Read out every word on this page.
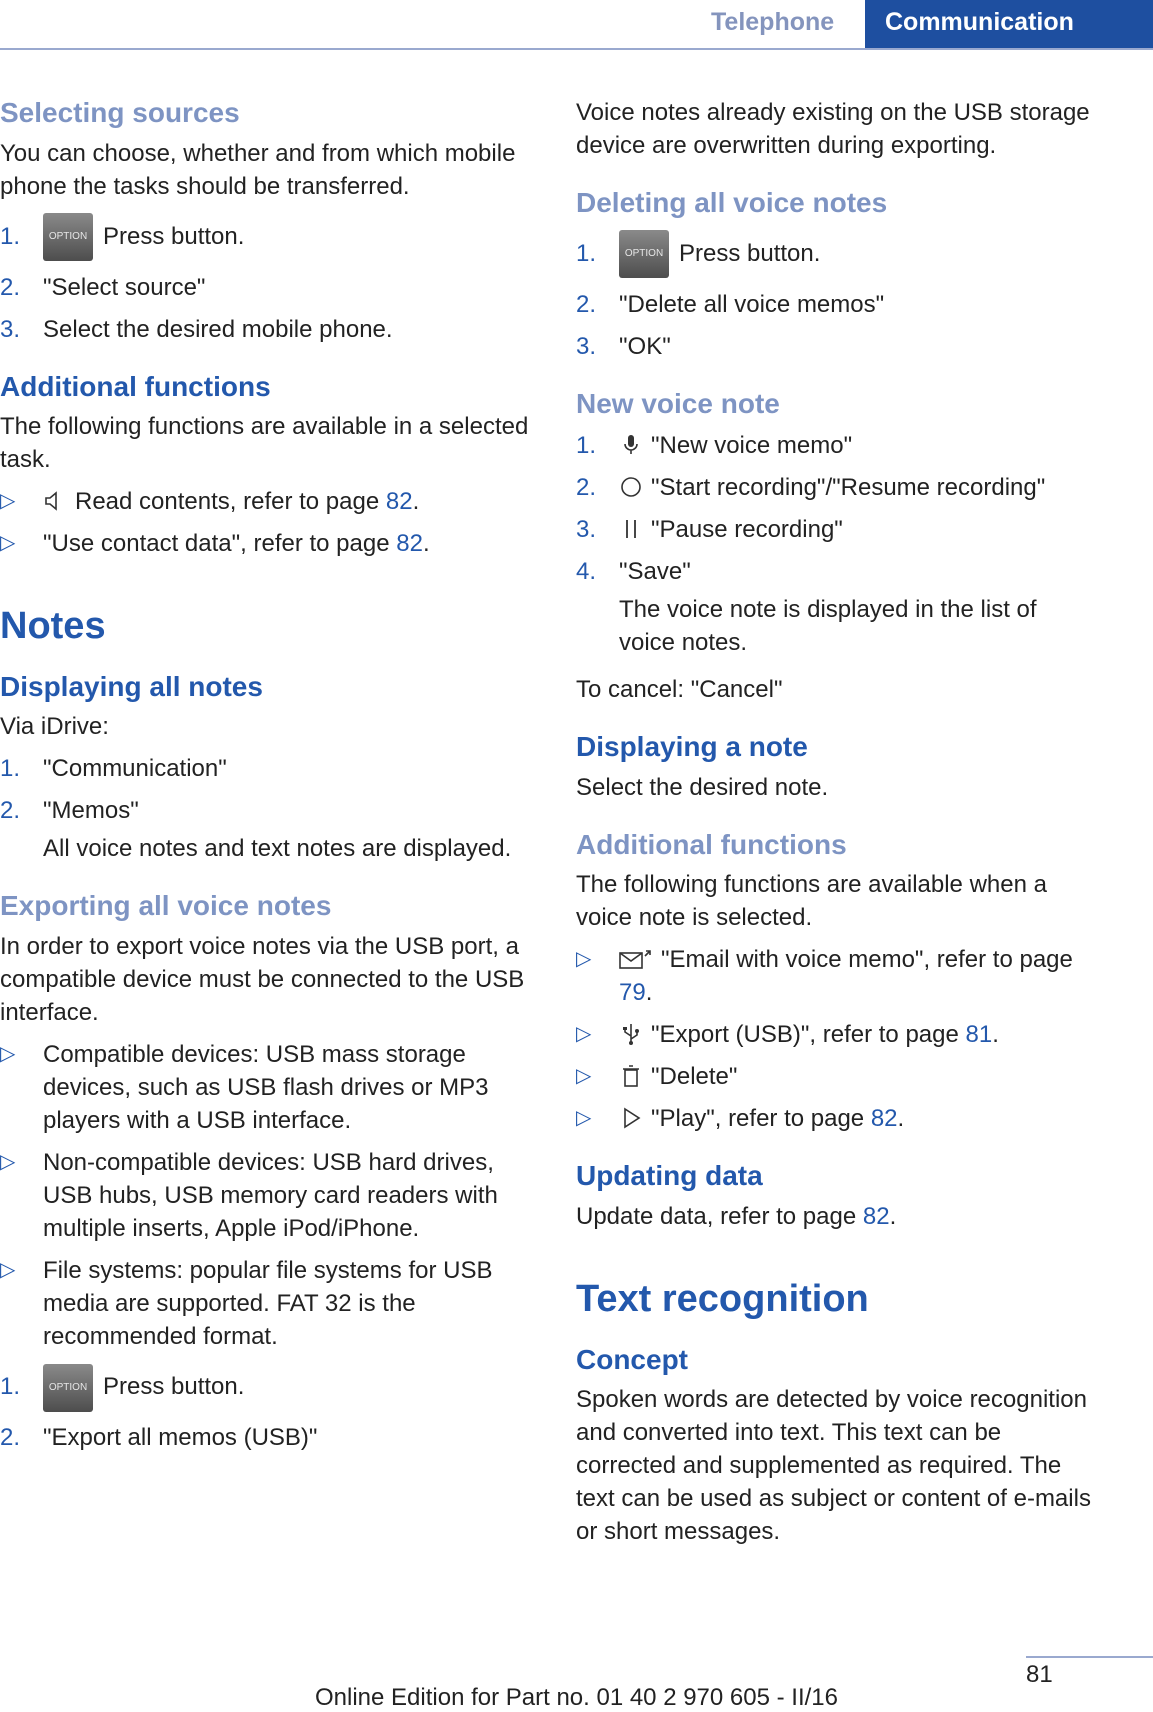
Telephone	Communication
Selecting sources

You can choose, whether and from which mobile phone the tasks should be transferred.

1.	OPTION Press button.
2. "Select source"
3. Select the desired mobile phone.
Additional functions

The following functions are available in a selected task.

▷ Read contents, refer to page 82.
▷ "Use contact data", refer to page 82.
Notes
Displaying all notes

Via iDrive:

1. "Communication"
2. "Memos"
All voice notes and text notes are displayed.
Exporting all voice notes

In order to export voice notes via the USB port, a compatible device must be connected to the USB interface.

▷ Compatible devices: USB mass storage devices, such as USB flash drives or MP3 players with a USB interface.
▷ Non-compatible devices: USB hard drives, USB hubs, USB memory card readers with multiple inserts, Apple iPod/iPhone.
▷ File systems: popular file systems for USB media are supported. FAT 32 is the recommended format.
1.	OPTION Press button.
2. "Export all memos (USB)"

Voice notes already existing on the USB storage device are overwritten during exporting.

Deleting all voice notes
1.	OPTION Press button.
2. "Delete all voice memos"
3. "OK"
New voice note
1. "New voice memo"
2. "Start recording"/"Resume recording"
3. "Pause recording"
4. "Save"
The voice note is displayed in the list of voice notes.

To cancel: "Cancel"

Displaying a note

Select the desired note.

Additional functions

The following functions are available when a voice note is selected.

▷	"Email with voice memo", refer to page 79.
▷ "Export (USB)", refer to page 81.
▷ "Delete"
▷ "Play", refer to page 82.
Updating data

Update data, refer to page 82.

Text recognition
Concept

Spoken words are detected by voice recognition and converted into text. This text can be corrected and supplemented as required. The text can be used as subject or content of e-mails or short messages.

81
Online Edition for Part no. 01 40 2 970 605 - II/16
